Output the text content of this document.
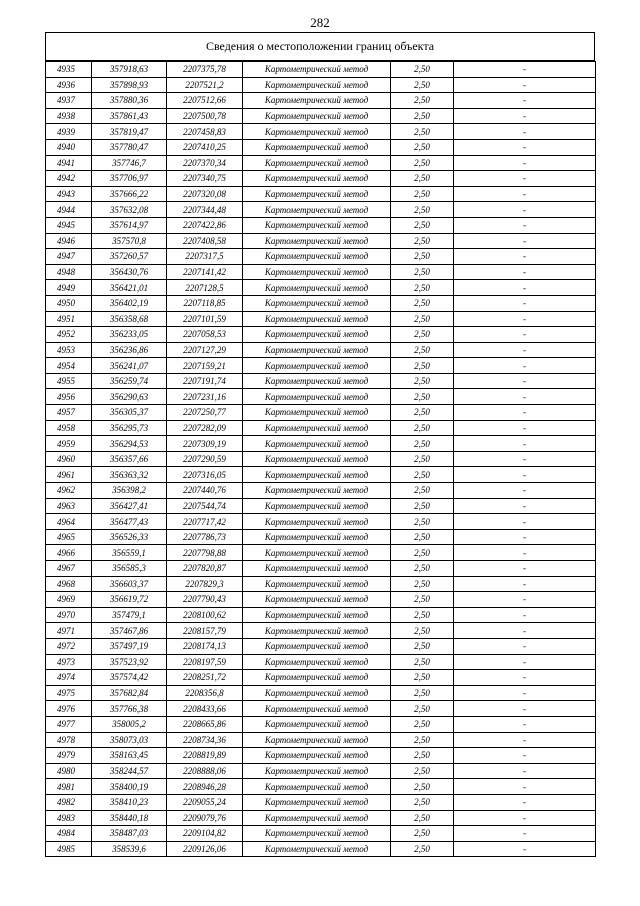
282
Сведения о местоположении границ объекта
4935	357918,63	2207375,78	Картометрический метод	2,50	-
4936	357898,93	2207521,2	Картометрический метод	2,50	-
4937	357880,36	2207512,66	Картометрический метод	2,50	-
4938	357861,43	2207500,78	Картометрический метод	2,50	-
4939	357819,47	2207458,83	Картометрический метод	2,50	-
4940	357780,47	2207410,25	Картометрический метод	2,50	-
4941	357746,7	2207370,34	Картометрический метод	2,50	-
4942	357706,97	2207340,75	Картометрический метод	2,50	-
4943	357666,22	2207320,08	Картометрический метод	2,50	-
4944	357632,08	2207344,48	Картометрический метод	2,50	-
4945	357614,97	2207422,86	Картометрический метод	2,50	-
4946	357570,8	2207408,58	Картометрический метод	2,50	-
4947	357260,57	2207317,5	Картометрический метод	2,50	-
4948	356430,76	2207141,42	Картометрический метод	2,50	-
4949	356421,01	2207128,5	Картометрический метод	2,50	-
4950	356402,19	2207118,85	Картометрический метод	2,50	-
4951	356358,68	2207101,59	Картометрический метод	2,50	-
4952	356233,05	2207058,53	Картометрический метод	2,50	-
4953	356236,86	2207127,29	Картометрический метод	2,50	-
4954	356241,07	2207159,21	Картометрический метод	2,50	-
4955	356259,74	2207191,74	Картометрический метод	2,50	-
4956	356290,63	2207231,16	Картометрический метод	2,50	-
4957	356305,37	2207250,77	Картометрический метод	2,50	-
4958	356295,73	2207282,09	Картометрический метод	2,50	-
4959	356294,53	2207309,19	Картометрический метод	2,50	-
4960	356357,66	2207290,59	Картометрический метод	2,50	-
4961	356363,32	2207316,05	Картометрический метод	2,50	-
4962	356398,2	2207440,76	Картометрический метод	2,50	-
4963	356427,41	2207544,74	Картометрический метод	2,50	-
4964	356477,43	2207717,42	Картометрический метод	2,50	-
4965	356526,33	2207786,73	Картометрический метод	2,50	-
4966	356559,1	2207798,88	Картометрический метод	2,50	-
4967	356585,3	2207820,87	Картометрический метод	2,50	-
4968	356603,37	2207829,3	Картометрический метод	2,50	-
4969	356619,72	2207790,43	Картометрический метод	2,50	-
4970	357479,1	2208100,62	Картометрический метод	2,50	-
4971	357467,86	2208157,79	Картометрический метод	2,50	-
4972	357497,19	2208174,13	Картометрический метод	2,50	-
4973	357523,92	2208197,59	Картометрический метод	2,50	-
4974	357574,42	2208251,72	Картометрический метод	2,50	-
4975	357682,84	2208356,8	Картометрический метод	2,50	-
4976	357766,38	2208433,66	Картометрический метод	2,50	-
4977	358005,2	2208665,86	Картометрический метод	2,50	-
4978	358073,03	2208734,36	Картометрический метод	2,50	-
4979	358163,45	2208819,89	Картометрический метод	2,50	-
4980	358244,57	2208888,06	Картометрический метод	2,50	-
4981	358400,19	2208946,28	Картометрический метод	2,50	-
4982	358410,23	2209055,24	Картометрический метод	2,50	-
4983	358440,18	2209079,76	Картометрический метод	2,50	-
4984	358487,03	2209104,82	Картометрический метод	2,50	-
4985	358539,6	2209126,06	Картометрический метод	2,50	-
